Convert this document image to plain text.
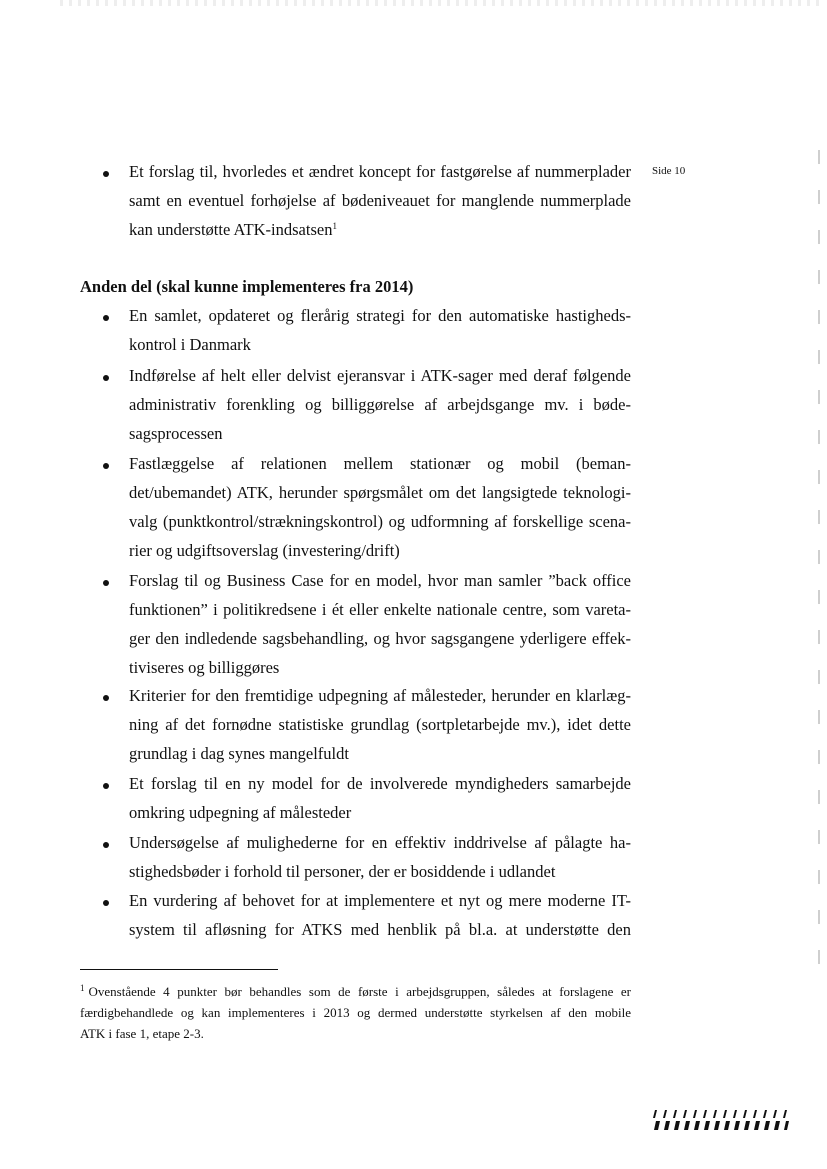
Side 10
Et forslag til, hvorledes et ændret koncept for fastgørelse af nummerplader
samt en eventuel forhøjelse af bødeniveauet for manglende nummerplade
kan understøtte ATK-indsatsen$^1$
Anden del (skal kunne implementeres fra 2014)
En samlet, opdateret og flerårig strategi for den automatiske hastigheds-
kontrol i Danmark
Indførelse af helt eller delvist ejeransvar i ATK-sager med deraf følgende
administrativ forenkling og billiggørelse af arbejdsgange mv. i bøde-
sagsprocessen
Fastlæggelse af relationen mellem stationær og mobil (beman-
det/ubemandet) ATK, herunder spørgsmålet om det langsigtede teknologi-
valg (punktkontrol/strækningskontrol) og udformning af forskellige scena-
rier og udgiftsoverslag (investering/drift)
Forslag til og Business Case for en model, hvor man samler ”back office
funktionen” i politikredsene i ét eller enkelte nationale centre, som vareta-
ger den indledende sagsbehandling, og hvor sagsgangene yderligere effek-
tiviseres og billiggøres
Kriterier for den fremtidige udpegning af målesteder, herunder en klarlæg-
ning af det fornødne statistiske grundlag (sortpletarbejde mv.), idet dette
grundlag i dag synes mangelfuldt
Et forslag til en ny model for de involverede myndigheders samarbejde
omkring udpegning af målesteder
Undersøgelse af mulighederne for en effektiv inddrivelse af pålagte ha-
stighedsbøder i forhold til personer, der er bosiddende i udlandet
En vurdering af behovet for at implementere et nyt og mere moderne IT-
system til afløsning for ATKS med henblik på bl.a. at understøtte den
$^1$ Ovenstående 4 punkter bør behandles som de første i arbejdsgruppen, således at forslagene er
færdigbehandlede og kan implementeres i 2013 og dermed understøtte styrkelsen af den mobile
ATK i fase 1, etape 2-3.
